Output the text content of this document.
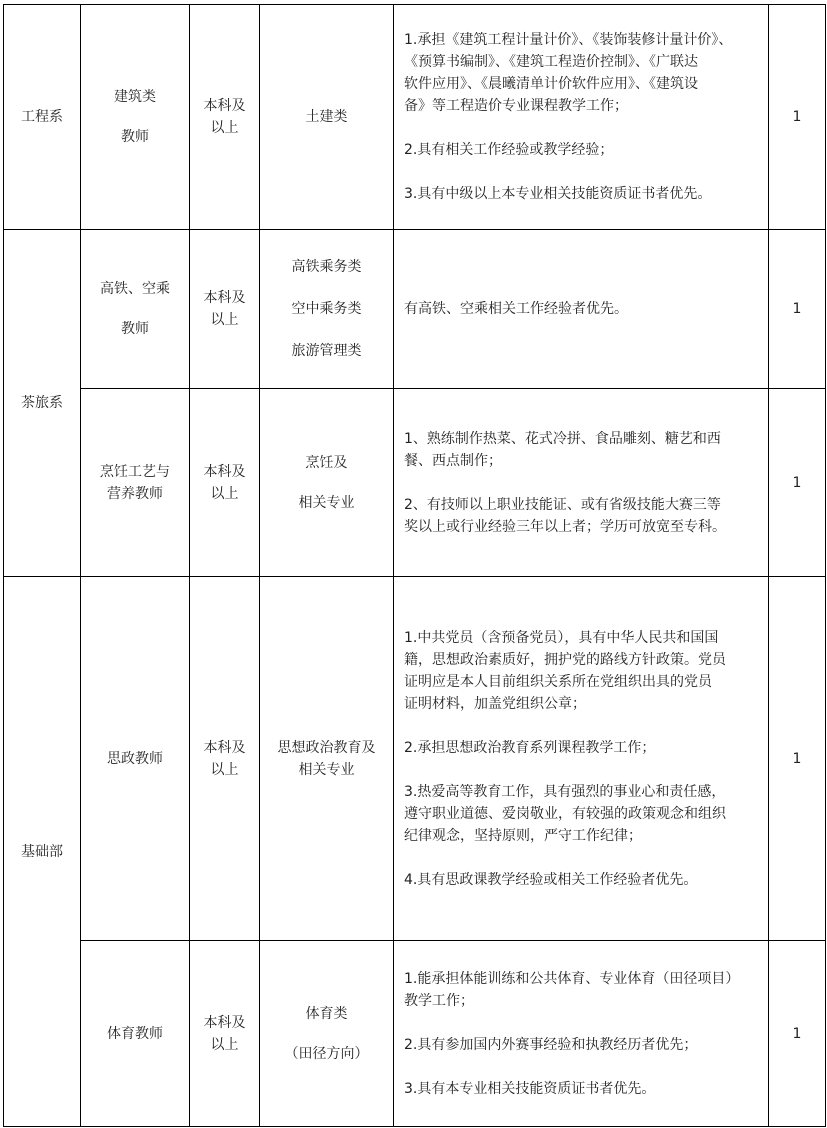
工程系
建筑类
教师
本科及
以上
土建类
1.承担《建筑工程计量计价》、《装饰装修计量计价》、
《预算书编制》、《建筑工程造价控制》、《广联达
软件应用》、《晨曦清单计价软件应用》、《建筑设
备》等工程造价专业课程教学工作；
2.具有相关工作经验或教学经验；
3.具有中级以上本专业相关技能资质证书者优先。
1
茶旅系
高铁、空乘
教师
本科及
以上
高铁乘务类
空中乘务类
旅游管理类
有高铁、空乘相关工作经验者优先。	1
烹饪工艺与
营养教师
本科及
以上
烹饪及
相关专业
1、熟练制作热菜、花式冷拼、食品雕刻、糖艺和西
餐、西点制作；
2、有技师以上职业技能证、或有省级技能大赛三等
奖以上或行业经验三年以上者；学历可放宽至专科。
1
基础部
思政教师
本科及
以上
思想政治教育及
相关专业
1.中共党员（含预备党员），具有中华人民共和国国
籍，思想政治素质好，拥护党的路线方针政策。党员
证明应是本人目前组织关系所在党组织出具的党员
证明材料，加盖党组织公章；
2.承担思想政治教育系列课程教学工作；
3.热爱高等教育工作，具有强烈的事业心和责任感，
遵守职业道德、爱岗敬业，有较强的政策观念和组织
纪律观念，坚持原则，严守工作纪律；
4.具有思政课教学经验或相关工作经验者优先。
1
体育教师
本科及
以上
体育类
（田径方向）
1.能承担体能训练和公共体育、专业体育（田径项目）
教学工作；
2.具有参加国内外赛事经验和执教经历者优先；
3.具有本专业相关技能资质证书者优先。
1
